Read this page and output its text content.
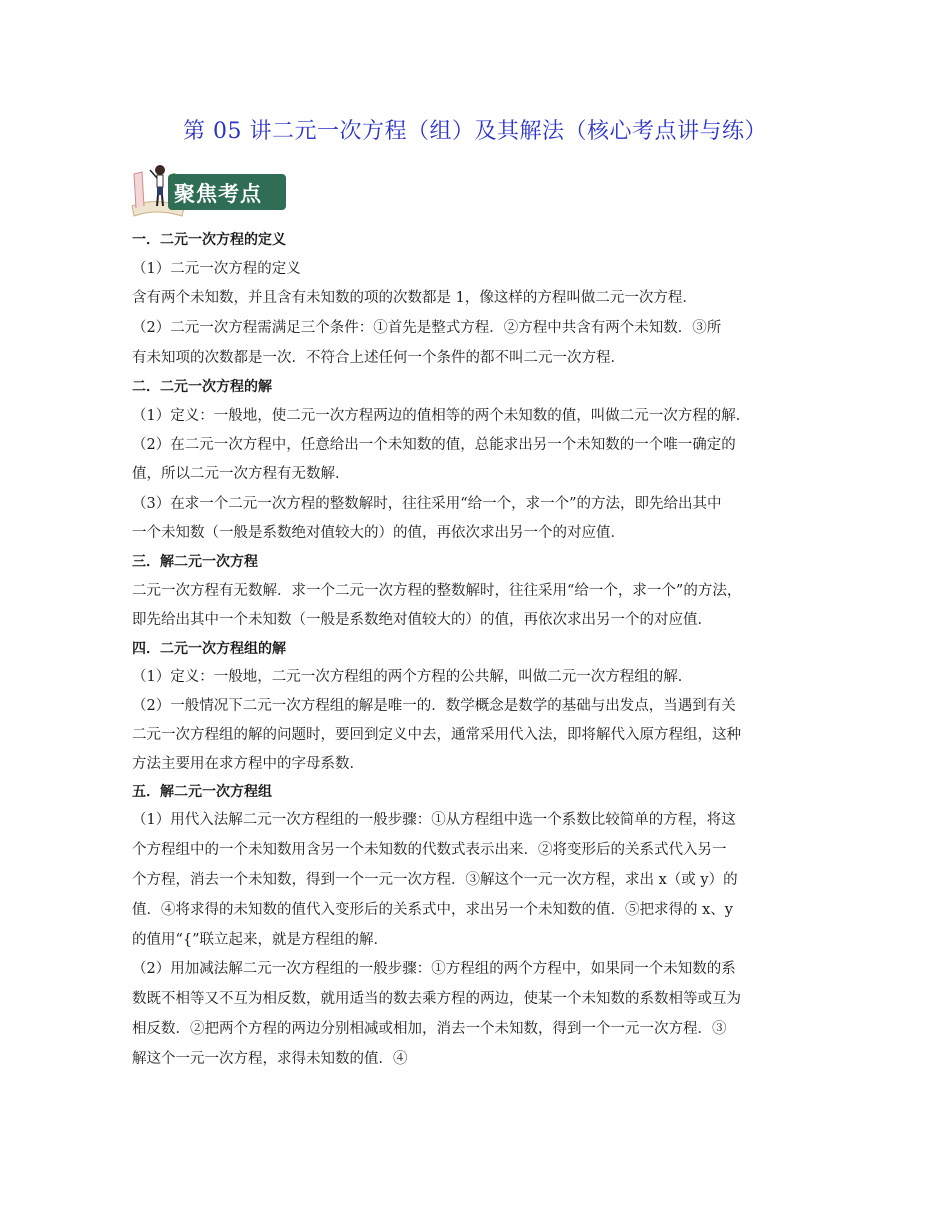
第 05 讲二元一次方程（组）及其解法（核心考点讲与练）
聚焦考点
一．二元一次方程的定义
（1）二元一次方程的定义
含有两个未知数，并且含有未知数的项的次数都是 1，像这样的方程叫做二元一次方程．
（2）二元一次方程需满足三个条件：①首先是整式方程．②方程中共含有两个未知数．③所
有未知项的次数都是一次．不符合上述任何一个条件的都不叫二元一次方程．
二．二元一次方程的解
（1）定义：一般地，使二元一次方程两边的值相等的两个未知数的值，叫做二元一次方程的解．
（2）在二元一次方程中，任意给出一个未知数的值，总能求出另一个未知数的一个唯一确定的
值，所以二元一次方程有无数解．
（3）在求一个二元一次方程的整数解时，往往采用“给一个，求一个”的方法，即先给出其中
一个未知数（一般是系数绝对值较大的）的值，再依次求出另一个的对应值．
三．解二元一次方程
二元一次方程有无数解．求一个二元一次方程的整数解时，往往采用“给一个，求一个”的方法，
即先给出其中一个未知数（一般是系数绝对值较大的）的值，再依次求出另一个的对应值．
四．二元一次方程组的解
（1）定义：一般地，二元一次方程组的两个方程的公共解，叫做二元一次方程组的解．
（2）一般情况下二元一次方程组的解是唯一的．数学概念是数学的基础与出发点，当遇到有关
二元一次方程组的解的问题时，要回到定义中去，通常采用代入法，即将解代入原方程组，这种
方法主要用在求方程中的字母系数．
五．解二元一次方程组
（1）用代入法解二元一次方程组的一般步骤：①从方程组中选一个系数比较简单的方程，将这
个方程组中的一个未知数用含另一个未知数的代数式表示出来．②将变形后的关系式代入另一
个方程，消去一个未知数，得到一个一元一次方程．③解这个一元一次方程，求出 x（或 y）的
值．④将求得的未知数的值代入变形后的关系式中，求出另一个未知数的值．⑤把求得的 x、y
的值用“{”联立起来，就是方程组的解．
（2）用加减法解二元一次方程组的一般步骤：①方程组的两个方程中，如果同一个未知数的系
数既不相等又不互为相反数，就用适当的数去乘方程的两边，使某一个未知数的系数相等或互为
相反数．②把两个方程的两边分别相减或相加，消去一个未知数，得到一个一元一次方程．③
解这个一元一次方程，求得未知数的值．④
